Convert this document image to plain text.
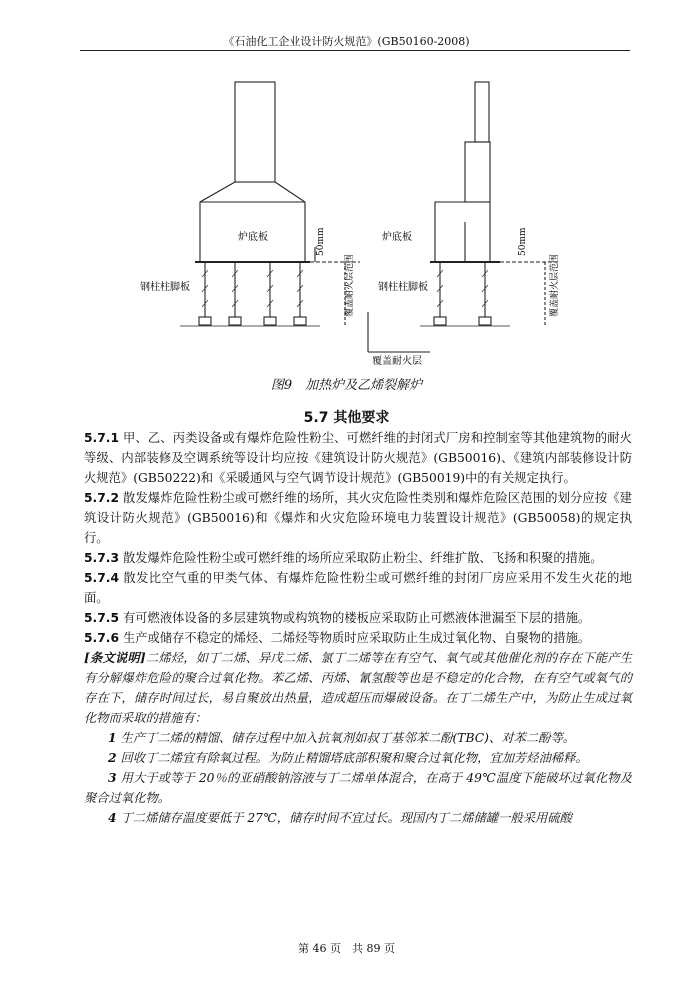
《石油化工企业设计防火规范》(GB50160-2008)
炉底板
钢柱柱脚板
50mm
覆盖耐火层范围
炉底板
钢柱柱脚板
50mm
覆盖耐火层范围
覆盖耐火层
图9　加热炉及乙烯裂解炉
5.7 其他要求

5.7.1 甲、乙、丙类设备或有爆炸危险性粉尘、可燃纤维的封闭式厂房和控制室等其他建筑物的耐火等级、内部装修及空调系统等设计均应按《建筑设计防火规范》(GB50016)、《建筑内部装修设计防火规范》(GB50222)和《采暖通风与空气调节设计规范》(GB50019)中的有关规定执行。

5.7.2 散发爆炸危险性粉尘或可燃纤维的场所，其火灾危险性类别和爆炸危险区范围的划分应按《建筑设计防火规范》(GB50016)和《爆炸和火灾危险环境电力装置设计规范》(GB50058)的规定执行。

5.7.3 散发爆炸危险性粉尘或可燃纤维的场所应采取防止粉尘、纤维扩散、飞扬和积聚的措施。

5.7.4 散发比空气重的甲类气体、有爆炸危险性粉尘或可燃纤维的封闭厂房应采用不发生火花的地面。

5.7.5 有可燃液体设备的多层建筑物或构筑物的楼板应采取防止可燃液体泄漏至下层的措施。

5.7.6 生产或储存不稳定的烯烃、二烯烃等物质时应采取防止生成过氧化物、自聚物的措施。

[条文说明]二烯烃，如丁二烯、异戊二烯、氯丁二烯等在有空气、氧气或其他催化剂的存在下能产生有分解爆炸危险的聚合过氧化物。苯乙烯、丙烯、氰氢酸等也是不稳定的化合物，在有空气或氧气的存在下，储存时间过长，易自聚放出热量，造成超压而爆破设备。在丁二烯生产中，为防止生成过氧化物而采取的措施有：

1 生产丁二烯的精馏、储存过程中加入抗氧剂如叔丁基邻苯二酚(TBC)、对苯二酚等。

2 回收丁二烯宜有除氧过程。为防止精馏塔底部积聚和聚合过氧化物，宜加芳烃油稀释。

3 用大于或等于 20％的亚硝酸钠溶液与丁二烯单体混合，在高于 49℃温度下能破坏过氧化物及聚合过氧化物。

4 丁二烯储存温度要低于 27℃，储存时间不宜过长。现国内丁二烯储罐一般采用硫酸

第 46 页　共 89 页
